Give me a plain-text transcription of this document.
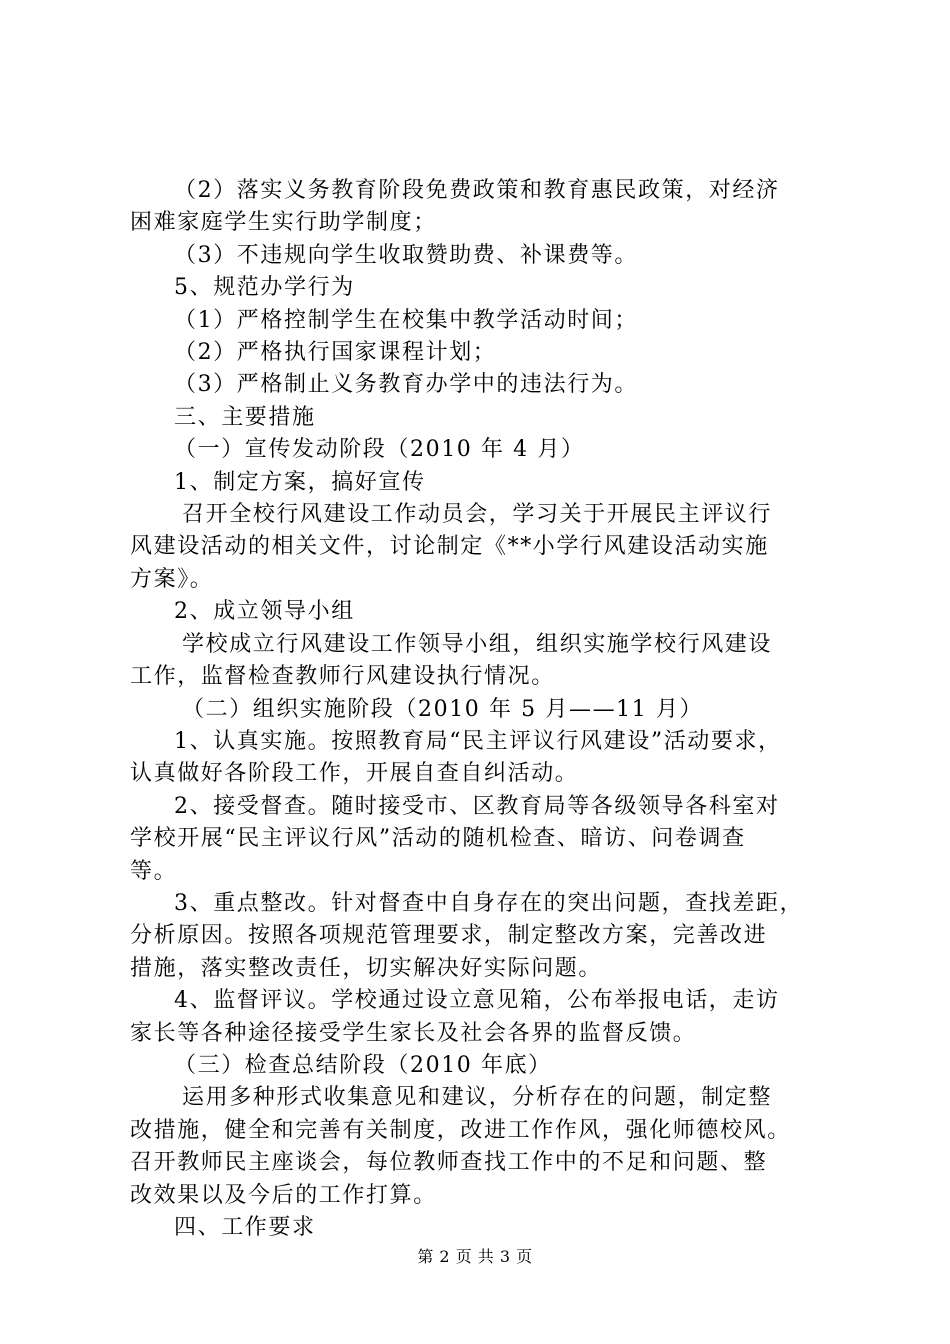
（2）落实义务教育阶段免费政策和教育惠民政策，对经济

困难家庭学生实行助学制度；

（3）不违规向学生收取赞助费、补课费等。

5、规范办学行为

（1）严格控制学生在校集中教学活动时间；

（2）严格执行国家课程计划；

（3）严格制止义务教育办学中的违法行为。

三、主要措施

（一）宣传发动阶段（2010 年 4 月）

1、制定方案，搞好宣传

召开全校行风建设工作动员会，学习关于开展民主评议行

风建设活动的相关文件，讨论制定《**小学行风建设活动实施

方案》。

2、成立领导小组

学校成立行风建设工作领导小组，组织实施学校行风建设

工作，监督检查教师行风建设执行情况。

（二）组织实施阶段（2010 年 5 月——11 月）

1、认真实施。按照教育局“民主评议行风建设”活动要求，

认真做好各阶段工作，开展自查自纠活动。

2、接受督查。随时接受市、区教育局等各级领导各科室对

学校开展“民主评议行风”活动的随机检查、暗访、问卷调查

等。

3、重点整改。针对督查中自身存在的突出问题，查找差距，

分析原因。按照各项规范管理要求，制定整改方案，完善改进

措施，落实整改责任，切实解决好实际问题。

4、监督评议。学校通过设立意见箱，公布举报电话，走访

家长等各种途径接受学生家长及社会各界的监督反馈。

（三）检查总结阶段（2010 年底）

运用多种形式收集意见和建议，分析存在的问题，制定整

改措施，健全和完善有关制度，改进工作作风，强化师德校风。

召开教师民主座谈会，每位教师查找工作中的不足和问题、整

改效果以及今后的工作打算。

四、工作要求

第 2 页 共 3 页
